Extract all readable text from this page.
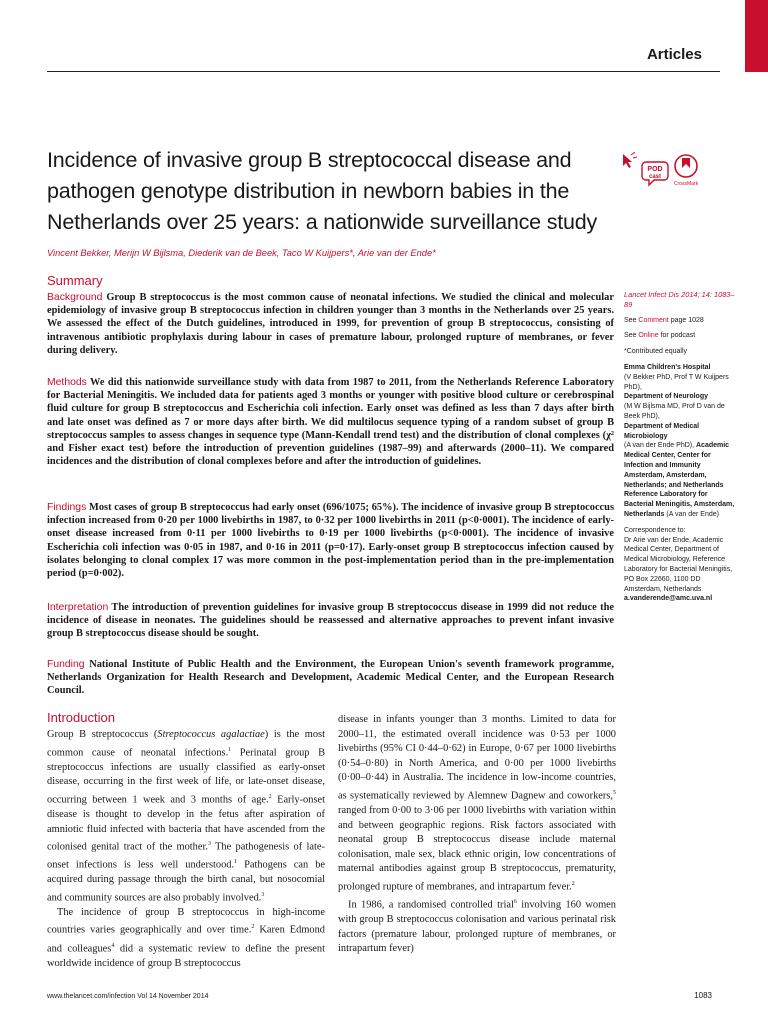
Articles
Incidence of invasive group B streptococcal disease and pathogen genotype distribution in newborn babies in the Netherlands over 25 years: a nationwide surveillance study
POD
cast
CrossMark
Vincent Bekker, Merijn W Bijlsma, Diederik van de Beek, Taco W Kuijpers*, Arie van der Ende*
Summary

Background Group B streptococcus is the most common cause of neonatal infections. We studied the clinical and molecular epidemiology of invasive group B streptococcus infection in children younger than 3 months in the Netherlands over 25 years. We assessed the effect of the Dutch guidelines, introduced in 1999, for prevention of group B streptococcus, consisting of intravenous antibiotic prophylaxis during labour in cases of premature labour, prolonged rupture of membranes, or fever during delivery.

Methods We did this nationwide surveillance study with data from 1987 to 2011, from the Netherlands Reference Laboratory for Bacterial Meningitis. We included data for patients aged 3 months or younger with positive blood culture or cerebrospinal fluid culture for group B streptococcus and Escherichia coli infection. Early onset was defined as less than 7 days after birth and late onset was defined as 7 or more days after birth. We did multilocus sequence typing of a random subset of group B streptococcus samples to assess changes in sequence type (Mann-Kendall trend test) and the distribution of clonal complexes (χ² and Fisher exact test) before the introduction of prevention guidelines (1987–99) and afterwards (2000–11). We compared incidences and the distribution of clonal complexes before and after the introduction of guidelines.

Findings Most cases of group B streptococcus had early onset (696/1075; 65%). The incidence of invasive group B streptococcus infection increased from 0·20 per 1000 livebirths in 1987, to 0·32 per 1000 livebirths in 2011 (p<0·0001). The incidence of early-onset disease increased from 0·11 per 1000 livebirths to 0·19 per 1000 livebirths (p<0·0001). The incidence of invasive Escherichia coli infection was 0·05 in 1987, and 0·16 in 2011 (p=0·17). Early-onset group B streptococcus infection caused by isolates belonging to clonal complex 17 was more common in the post-implementation period than in the pre-implementation period (p=0·002).

Interpretation The introduction of prevention guidelines for invasive group B streptococcus disease in 1999 did not reduce the incidence of disease in neonates. The guidelines should be reassessed and alternative approaches to prevent infant invasive group B streptococcus disease should be sought.

Funding National Institute of Public Health and the Environment, the European Union's seventh framework programme, Netherlands Organization for Health Research and Development, Academic Medical Center, and the European Research Council.

Lancet Infect Dis 2014; 14: 1083–89
See Comment page 1028
See Online for podcast
*Contributed equally
Emma Children's Hospital
(V Bekker PhD, Prof T W Kuijpers PhD),
Department of Neurology
(M W Bijlsma MD, Prof D van de Beek PhD),
Department of Medical Microbiology
(A van der Ende PhD), Academic Medical Center, Center for Infection and Immunity Amsterdam, Amsterdam, Netherlands; and Netherlands Reference Laboratory for Bacterial Meningitis, Amsterdam, Netherlands (A van der Ende)
Correspondence to:
Dr Arie van der Ende, Academic Medical Center, Department of Medical Microbiology, Reference Laboratory for Bacterial Meningitis, PO Box 22660, 1100 DD Amsterdam, Netherlands
a.vanderende@amc.uva.nl
Introduction

Group B streptococcus (Streptococcus agalactiae) is the most common cause of neonatal infections.$^1$ Perinatal group B streptococcus infections are usually classified as early-onset disease, occurring in the first week of life, or late-onset disease, occurring between 1 week and 3 months of age.$^2$ Early-onset disease is thought to develop in the fetus after aspiration of amniotic fluid infected with bacteria that have ascended from the colonised genital tract of the mother.$^3$ The pathogenesis of late-onset infections is less well understood.$^1$ Pathogens can be acquired during passage through the birth canal, but nosocomial and community sources are also probably involved.$^3$

The incidence of group B streptococcus in high-income countries varies geographically and over time.$^2$ Karen Edmond and colleagues$^4$ did a systematic review to define the present worldwide incidence of group B streptococcus

disease in infants younger than 3 months. Limited to data for 2000–11, the estimated overall incidence was 0·53 per 1000 livebirths (95% CI 0·44–0·62) in Europe, 0·67 per 1000 livebirths (0·54–0·80) in North America, and 0·00 per 1000 livebirths (0·00–0·44) in Australia. The incidence in low-income countries, as systematically reviewed by Alemnew Dagnew and coworkers,$^5$ ranged from 0·00 to 3·06 per 1000 livebirths with variation within and between geographic regions. Risk factors associated with neonatal group B streptococcus disease include maternal colonisation, male sex, black ethnic origin, low concentrations of maternal antibodies against group B streptococcus, prematurity, prolonged rupture of membranes, and intrapartum fever.$^2$

In 1986, a randomised controlled trial$^6$ involving 160 women with group B streptococcus colonisation and various perinatal risk factors (premature labour, prolonged rupture of membranes, or intrapartum fever)

www.thelancet.com/infection Vol 14 November 2014	1083
